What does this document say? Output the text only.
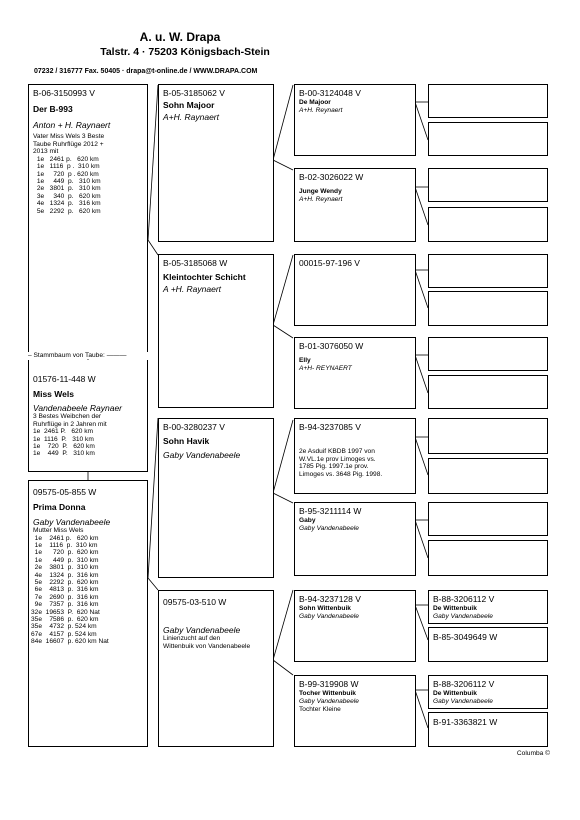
A. u. W. Drapa
Talstr. 4 · 75203 Königsbach-Stein
07232 / 316777 Fax. 50405 · drapa@t-online.de / WWW.DRAPA.COM
B-06-3150993 V
Der B-993
Anton + H. Raynaert
Vater Miss Wels 3 Beste
Taube Ruhrflüge 2012 +
2013 mit
1e   2461 p.   620 km
1e   1116  p .  310 km
1e     720  p . 620 km
1e     449  p.   310 km
2e   3801  p.   310 km
3e     340  p.   620 km
4e   1324  p.   316 km
5e   2292  p.   620 km
– Stammbaum von Taube: ———
01576-11-448 W
Miss Wels
Vandenabeele Raynaer
3 Bestes Weibchen der
Ruhrflüge in 2 Jahren mit
1e  2461 P.   620 km
1e  1116  P.   310 km
1e    720  P.   620 km
1e    449  P.   310 km
09575-05-855 W
Prima Donna
Gaby Vandenabeele
Mutter Miss Wels
1e    2461 p.   620 km
1e    1116  p.  310 km
1e      720  p.  620 km
1e      449  p.  310 km
2e    3801  p.  310 km
4e    1324  p.  316 km
5e    2292  p.  620 km
6e    4813  p.  316 km
7e    2690  p.  316 km
9e    7357  p.  316 km
32e  19653  P.  620 Nat
35e    7586  p.  620 km
35e    4732  p. 524 km
67e    4157  p. 524 km
84e  16607  p. 620 km Nat
B-05-3185062 V
Sohn Majoor
A+H. Raynaert
B-05-3185068 W
Kleintochter Schicht
A +H. Raynaert
B-00-3280237 V
Sohn Havik
Gaby Vandenabeele
09575-03-510 W
Gaby Vandenabeele
Linienzucht auf den
Wittenbuik von Vandenabeele
B-00-3124048 V
De Majoor
A+H. Reynaert
B-02-3026022 W
Junge Wendy
A+H. Reynaert
00015-97-196 V
B-01-3076050 W
Elly
A+H- REYNAERT
B-94-3237085 V
2e Asduif KBDB 1997 von
W.VL.1e prov Limoges vs.
1785 Pig. 1997.1e prov.
Limoges vs. 3648 Pig. 1998.
B-95-3211114 W
Gaby
Gaby Vandenabeele
B-94-3237128 V
Sohn Wittenbuik
Gaby Vandenabeele
B-99-319908 W
Tocher Wittenbuik
Gaby Vandenabeele
Tochter Kleine
B-88-3206112 V
De Wittenbuik
Gaby Vandenabeele
B-85-3049649 W
B-88-3206112 V
De Wittenbuik
Gaby Vandenabeele
B-91-3363821 W
Columba ©
